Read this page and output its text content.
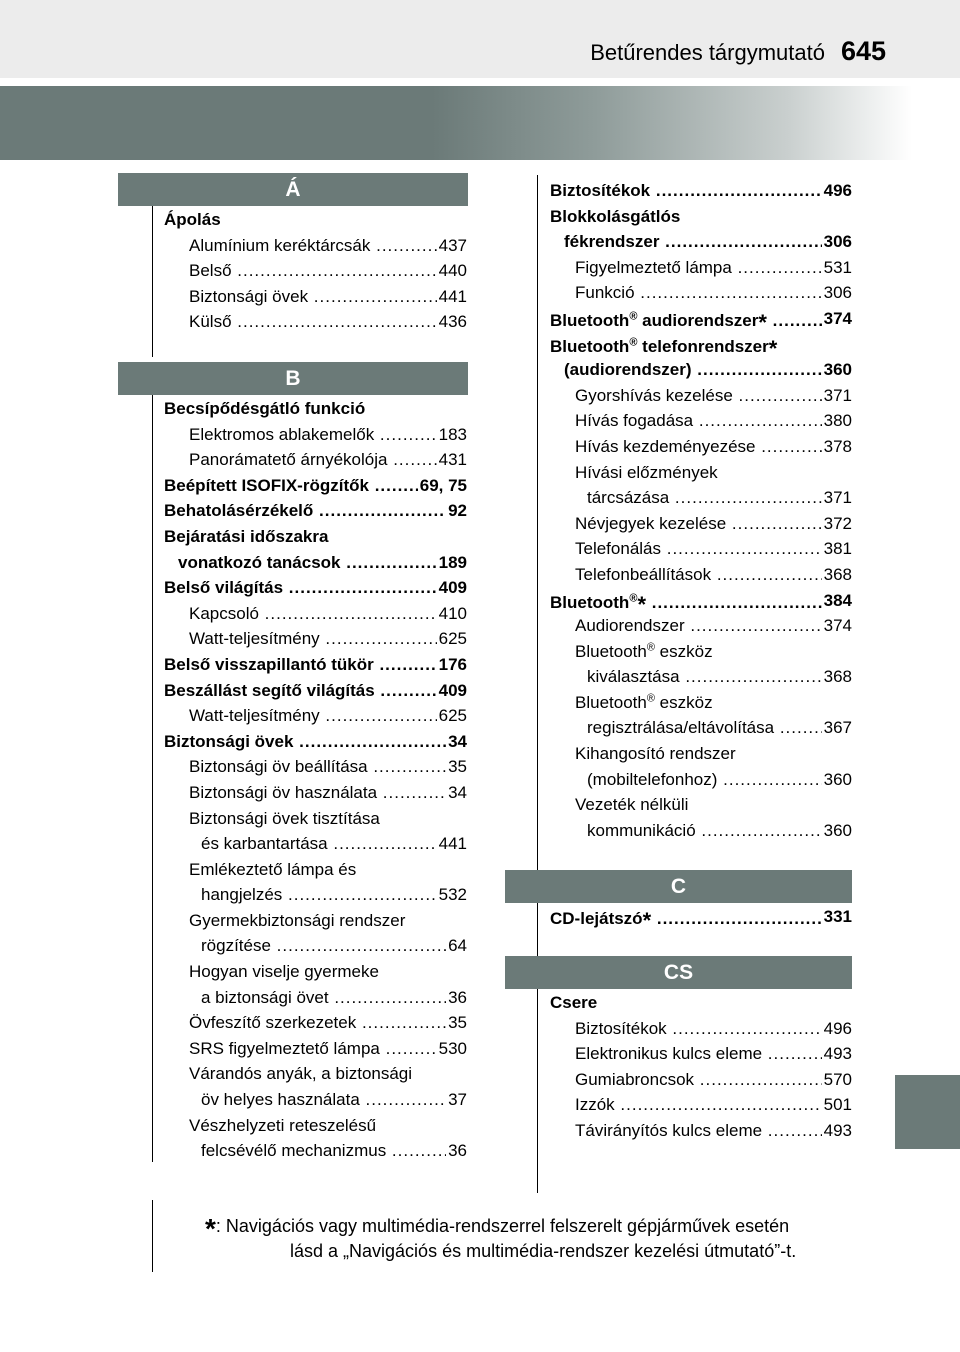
Betűrendes tárgymutató 645
Á
Ápolás
Alumínium keréktárcsák .....	437
Belső .....	440
Biztonsági övek .....	441
Külső .....	436
B
Becsípődésgátló funkció
Elektromos ablakemelők .....	183
Panorámatető árnyékolója .....	431
Beépített ISOFIX-rögzítők .....	69, 75
Behatolásérzékelő .....	92
Bejáratási időszakra
vonatkozó tanácsok .....	189
Belső világítás .....	409
Kapcsoló .....	410
Watt-teljesítmény .....	625
Belső visszapillantó tükör .....	176
Beszállást segítő világítás .....	409
Watt-teljesítmény .....	625
Biztonsági övek .....	34
Biztonsági öv beállítása .....	35
Biztonsági öv használata .....	34
Biztonsági övek tisztítása
és karbantartása .....	441
Emlékeztető lámpa és
hangjelzés .....	532
Gyermekbiztonsági rendszer
rögzítése .....	64
Hogyan viselje gyermeke
a biztonsági övet .....	36
Övfeszítő szerkezetek .....	35
SRS figyelmeztető lámpa .....	530
Várandós anyák, a biztonsági
öv helyes használata .....	37
Vészhelyzeti reteszelésű
felcsévélő mechanizmus .....	36
Biztosítékok .....	496
Blokkolásgátlós
fékrendszer .....	306
Figyelmeztető lámpa .....	531
Funkció .....	306
Bluetooth® audiorendszer* .....	374
Bluetooth® telefonrendszer*
(audiorendszer) .....	360
Gyorshívás kezelése .....	371
Hívás fogadása .....	380
Hívás kezdeményezése .....	378
Hívási előzmények
tárcsázása .....	371
Névjegyek kezelése .....	372
Telefonálás .....	381
Telefonbeállítások .....	368
Bluetooth®* .....	384
Audiorendszer .....	374
Bluetooth® eszköz
kiválasztása .....	368
Bluetooth® eszköz
regisztrálása/eltávolítása .....	367
Kihangosító rendszer
(mobiltelefonhoz) .....	360
Vezeték nélküli
kommunikáció .....	360
C
CD-lejátszó* .....	331
CS
Csere
Biztosítékok .....	496
Elektronikus kulcs eleme .....	493
Gumiabroncsok .....	570
Izzók .....	501
Távirányítós kulcs eleme .....	493
*: Navigációs vagy multimédia-rendszerrel felszerelt gépjárművek esetén
lásd a „Navigációs és multimédia-rendszer kezelési útmutató”-t.
